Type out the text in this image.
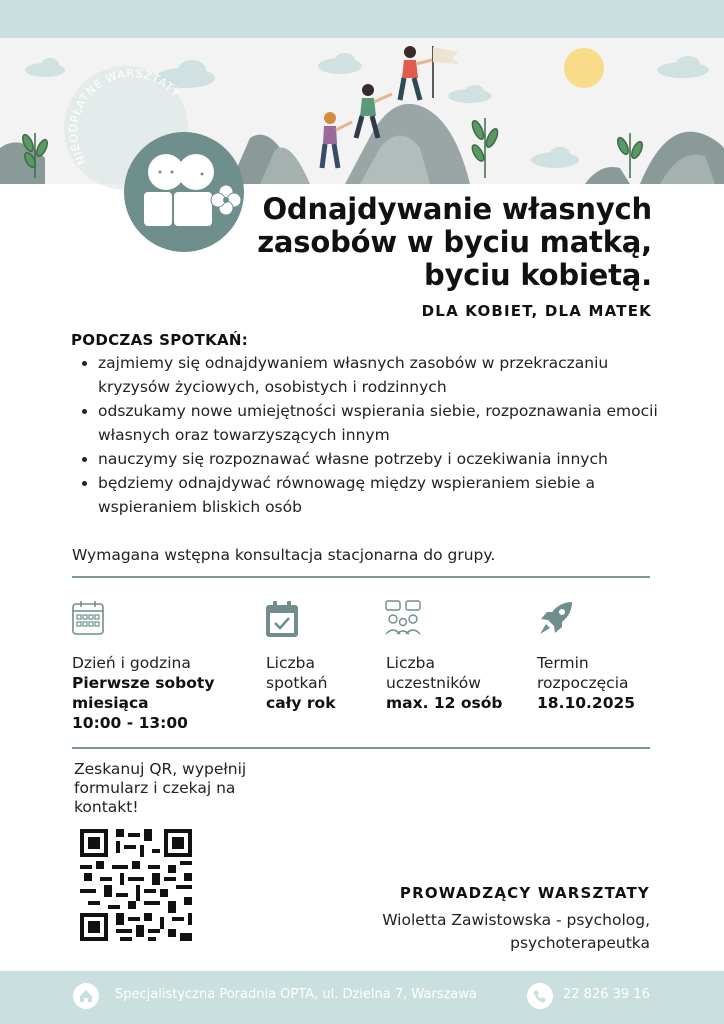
NIEODPŁATNE WARSZTATY
Odnajdywanie własnych
zasobów w byciu matką,
byciu kobietą.
DLA KOBIET, DLA MATEK
PODCZAS SPOTKAŃ:
• zajmiemy się odnajdywaniem własnych zasobów w przekraczaniu kryzysów życiowych, osobistych i rodzinnych
• odszukamy nowe umiejętności wspierania siebie, rozpoznawania emocii własnych oraz towarzyszących innym
• nauczymy się rozpoznawać własne potrzeby i oczekiwania innych
• będziemy odnajdywać równowagę między wspieraniem siebie a wspieraniem bliskich osób
Wymagana wstępna konsultacja stacjonarna do grupy.
Dzień i godzina
Pierwsze soboty miesiąca
10:00 - 13:00
Liczba spotkań
cały rok
Liczba uczestników
max. 12 osób
Termin rozpoczęcia
18.10.2025
Zeskanuj QR, wypełnij formularz i czekaj na kontakt!
PROWADZĄCY WARSZTATY
Wioletta Zawistowska - psycholog,
psychoterapeutka
Specjalistyczna Poradnia OPTA, ul. Dzielna 7, Warszawa	22 826 39 16
